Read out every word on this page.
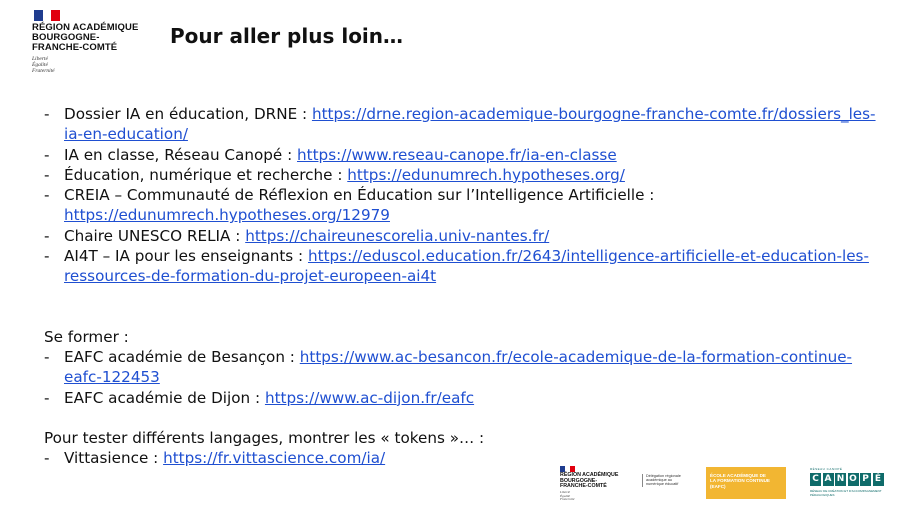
RÉGION ACADÉMIQUE
BOURGOGNE-
FRANCHE-COMTÉ
Liberté
Égalité
Fraternité
Pour aller plus loin…
- Dossier IA en éducation, DRNE : https://drne.region-academique-bourgogne-franche-comte.fr/dossiers_les-ia-en-education/
- IA en classe, Réseau Canopé : https://www.reseau-canope.fr/ia-en-classe
- Éducation, numérique et recherche : https://edunumrech.hypotheses.org/
- CREIA – Communauté de Réflexion en Éducation sur l’Intelligence Artificielle : https://edunumrech.hypotheses.org/12979
- Chaire UNESCO RELIA : https://chaireunescorelia.univ-nantes.fr/
- AI4T – IA pour les enseignants : https://eduscol.education.fr/2643/intelligence-artificielle-et-education-les-ressources-de-formation-du-projet-europeen-ai4t

Se former :

- EAFC académie de Besançon : https://www.ac-besancon.fr/ecole-academique-de-la-formation-continue-eafc-122453
- EAFC académie de Dijon : https://www.ac-dijon.fr/eafc

Pour tester différents langages, montrer les « tokens »… :

- Vittasience : https://fr.vittascience.com/ia/
RÉGION ACADÉMIQUE
BOURGOGNE-
FRANCHE-COMTÉ
Liberté
Égalité
Fraternité
Délégation régionale
académique au
numérique éducatif
ÉCOLE ACADÉMIQUE DE
LA FORMATION CONTINUE
(EAFC)
RÉSEAU CANOPÉ
C A N O P É
RÉSEAU DE CRÉATION ET D'ACCOMPAGNEMENT PÉDAGOGIQUES
